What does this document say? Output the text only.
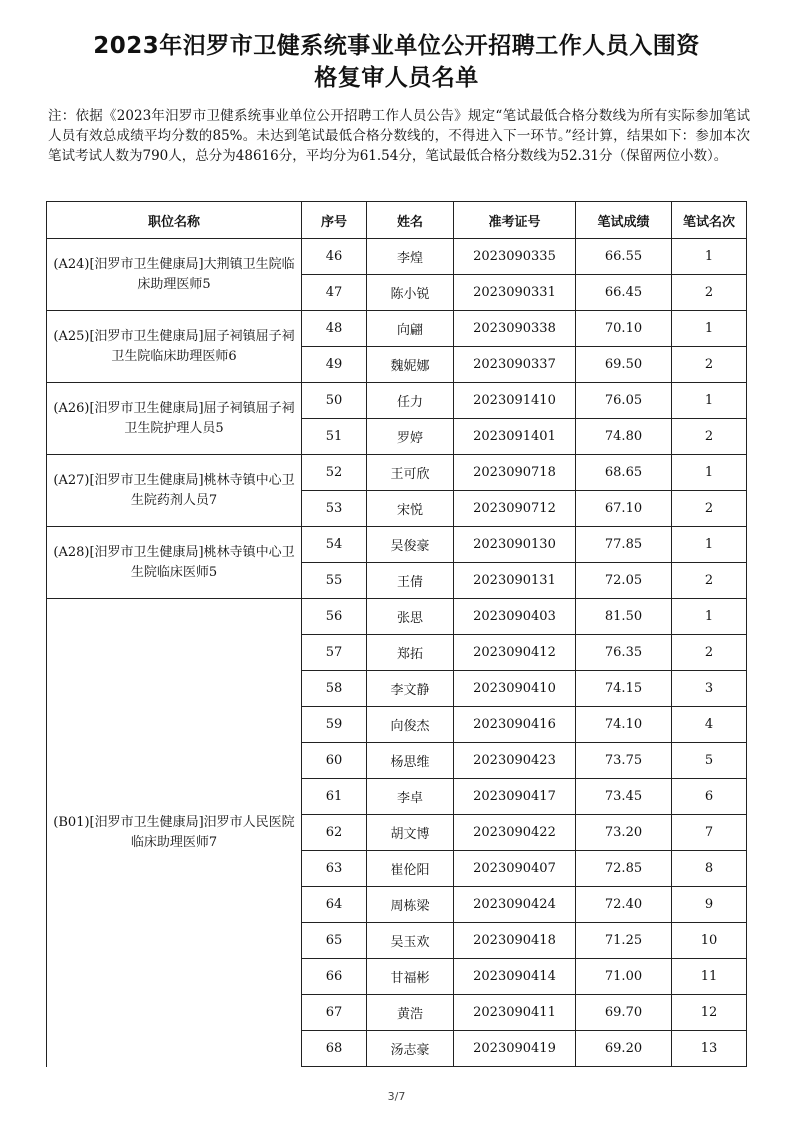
2023年汨罗市卫健系统事业单位公开招聘工作人员入围资
格复审人员名单
注：依据《2023年汨罗市卫健系统事业单位公开招聘工作人员公告》规定“笔试最低合格分数线为所有实际参加笔试人员有效总成绩平均分数的85%。未达到笔试最低合格分数线的，不得进入下一环节。”经计算，结果如下：参加本次笔试考试人数为790人，总分为48616分，平均分为61.54分，笔试最低合格分数线为52.31分（保留两位小数）。
职位名称	序号	姓名	准考证号	笔试成绩	笔试名次
(A24)[汨罗市卫生健康局]大荆镇卫生院临床助理医师5	46	李煌	2023090335	66.55	1
	47	陈小锐	2023090331	66.45	2
(A25)[汨罗市卫生健康局]屈子祠镇屈子祠卫生院临床助理医师6	48	向翩	2023090338	70.10	1
	49	魏妮娜	2023090337	69.50	2
(A26)[汨罗市卫生健康局]屈子祠镇屈子祠卫生院护理人员5	50	任力	2023091410	76.05	1
	51	罗婷	2023091401	74.80	2
(A27)[汨罗市卫生健康局]桃林寺镇中心卫生院药剂人员7	52	王可欣	2023090718	68.65	1
	53	宋悦	2023090712	67.10	2
(A28)[汨罗市卫生健康局]桃林寺镇中心卫生院临床医师5	54	吴俊豪	2023090130	77.85	1
	55	王倩	2023090131	72.05	2
(B01)[汨罗市卫生健康局]汨罗市人民医院临床助理医师7	56	张思	2023090403	81.50	1
	57	郑拓	2023090412	76.35	2
	58	李文静	2023090410	74.15	3
	59	向俊杰	2023090416	74.10	4
	60	杨思维	2023090423	73.75	5
	61	李卓	2023090417	73.45	6
	62	胡文博	2023090422	73.20	7
	63	崔伦阳	2023090407	72.85	8
	64	周栋梁	2023090424	72.40	9
	65	吴玉欢	2023090418	71.25	10
	66	甘福彬	2023090414	71.00	11
	67	黄浩	2023090411	69.70	12
	68	汤志豪	2023090419	69.20	13
3/7
